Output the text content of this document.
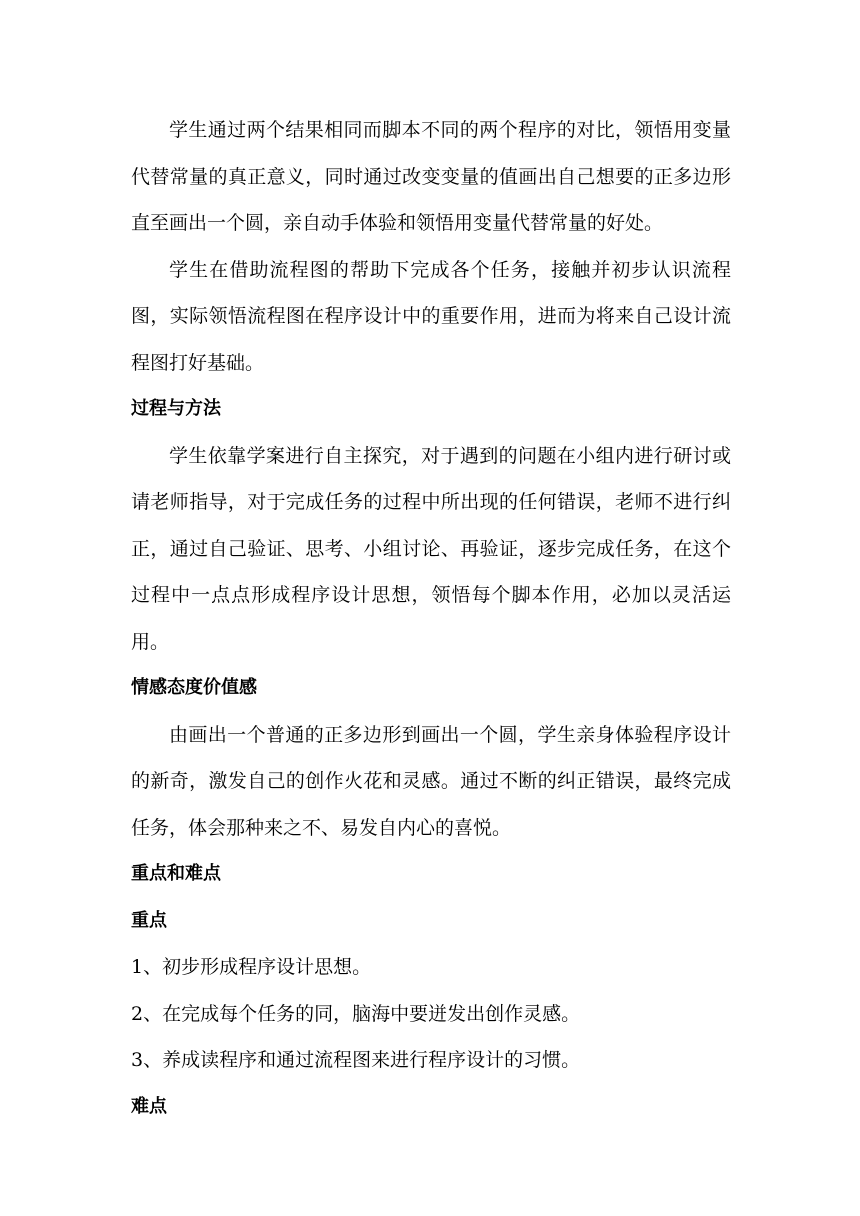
学生通过两个结果相同而脚本不同的两个程序的对比，领悟用变量代替常量的真正意义，同时通过改变变量的值画出自己想要的正多边形直至画出一个圆，亲自动手体验和领悟用变量代替常量的好处。

学生在借助流程图的帮助下完成各个任务，接触并初步认识流程图，实际领悟流程图在程序设计中的重要作用，进而为将来自己设计流程图打好基础。

过程与方法

学生依靠学案进行自主探究，对于遇到的问题在小组内进行研讨或请老师指导，对于完成任务的过程中所出现的任何错误，老师不进行纠正，通过自己验证、思考、小组讨论、再验证，逐步完成任务，在这个过程中一点点形成程序设计思想，领悟每个脚本作用，必加以灵活运用。

情感态度价值感

由画出一个普通的正多边形到画出一个圆，学生亲身体验程序设计的新奇，激发自己的创作火花和灵感。通过不断的纠正错误，最终完成任务，体会那种来之不、易发自内心的喜悦。

重点和难点

重点

1、初步形成程序设计思想。

2、在完成每个任务的同，脑海中要迸发出创作灵感。

3、养成读程序和通过流程图来进行程序设计的习惯。

难点
